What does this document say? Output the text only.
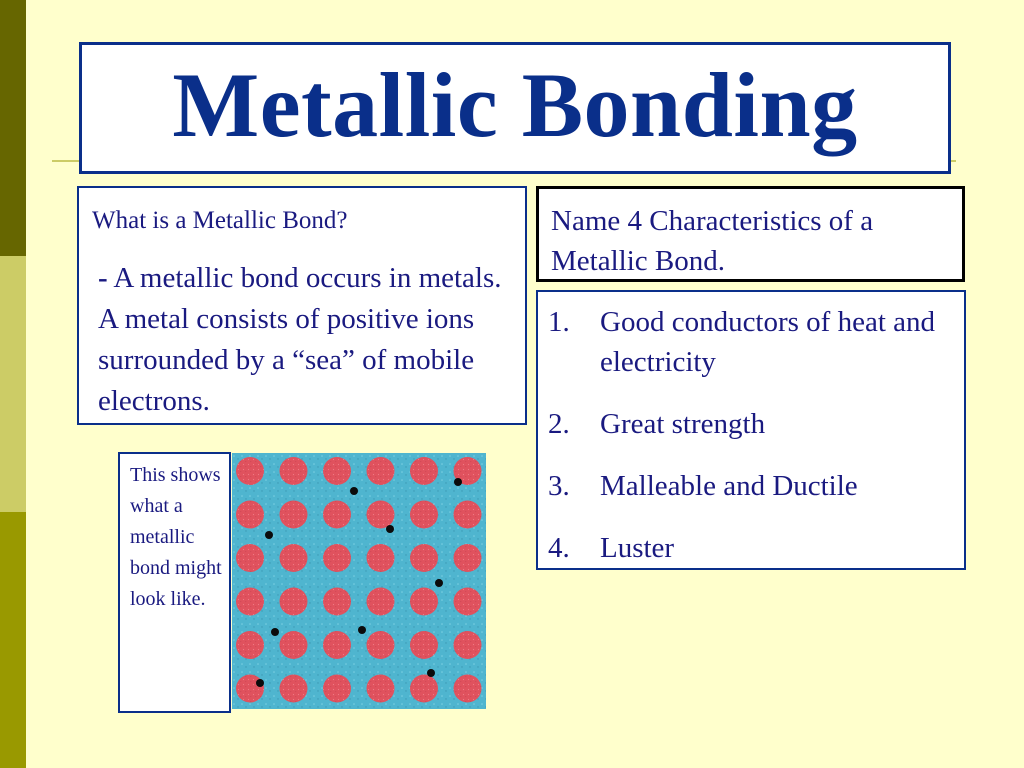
Metallic Bonding
What is a Metallic Bond?
- A metallic bond occurs in metals. A metal consists of positive ions surrounded by a “sea” of mobile electrons.
Name 4 Characteristics of a Metallic Bond.
1.	Good conductors of heat and electricity
2.	Great strength
3.	Malleable and Ductile
4.	Luster
This shows what a metallic bond might look like.
